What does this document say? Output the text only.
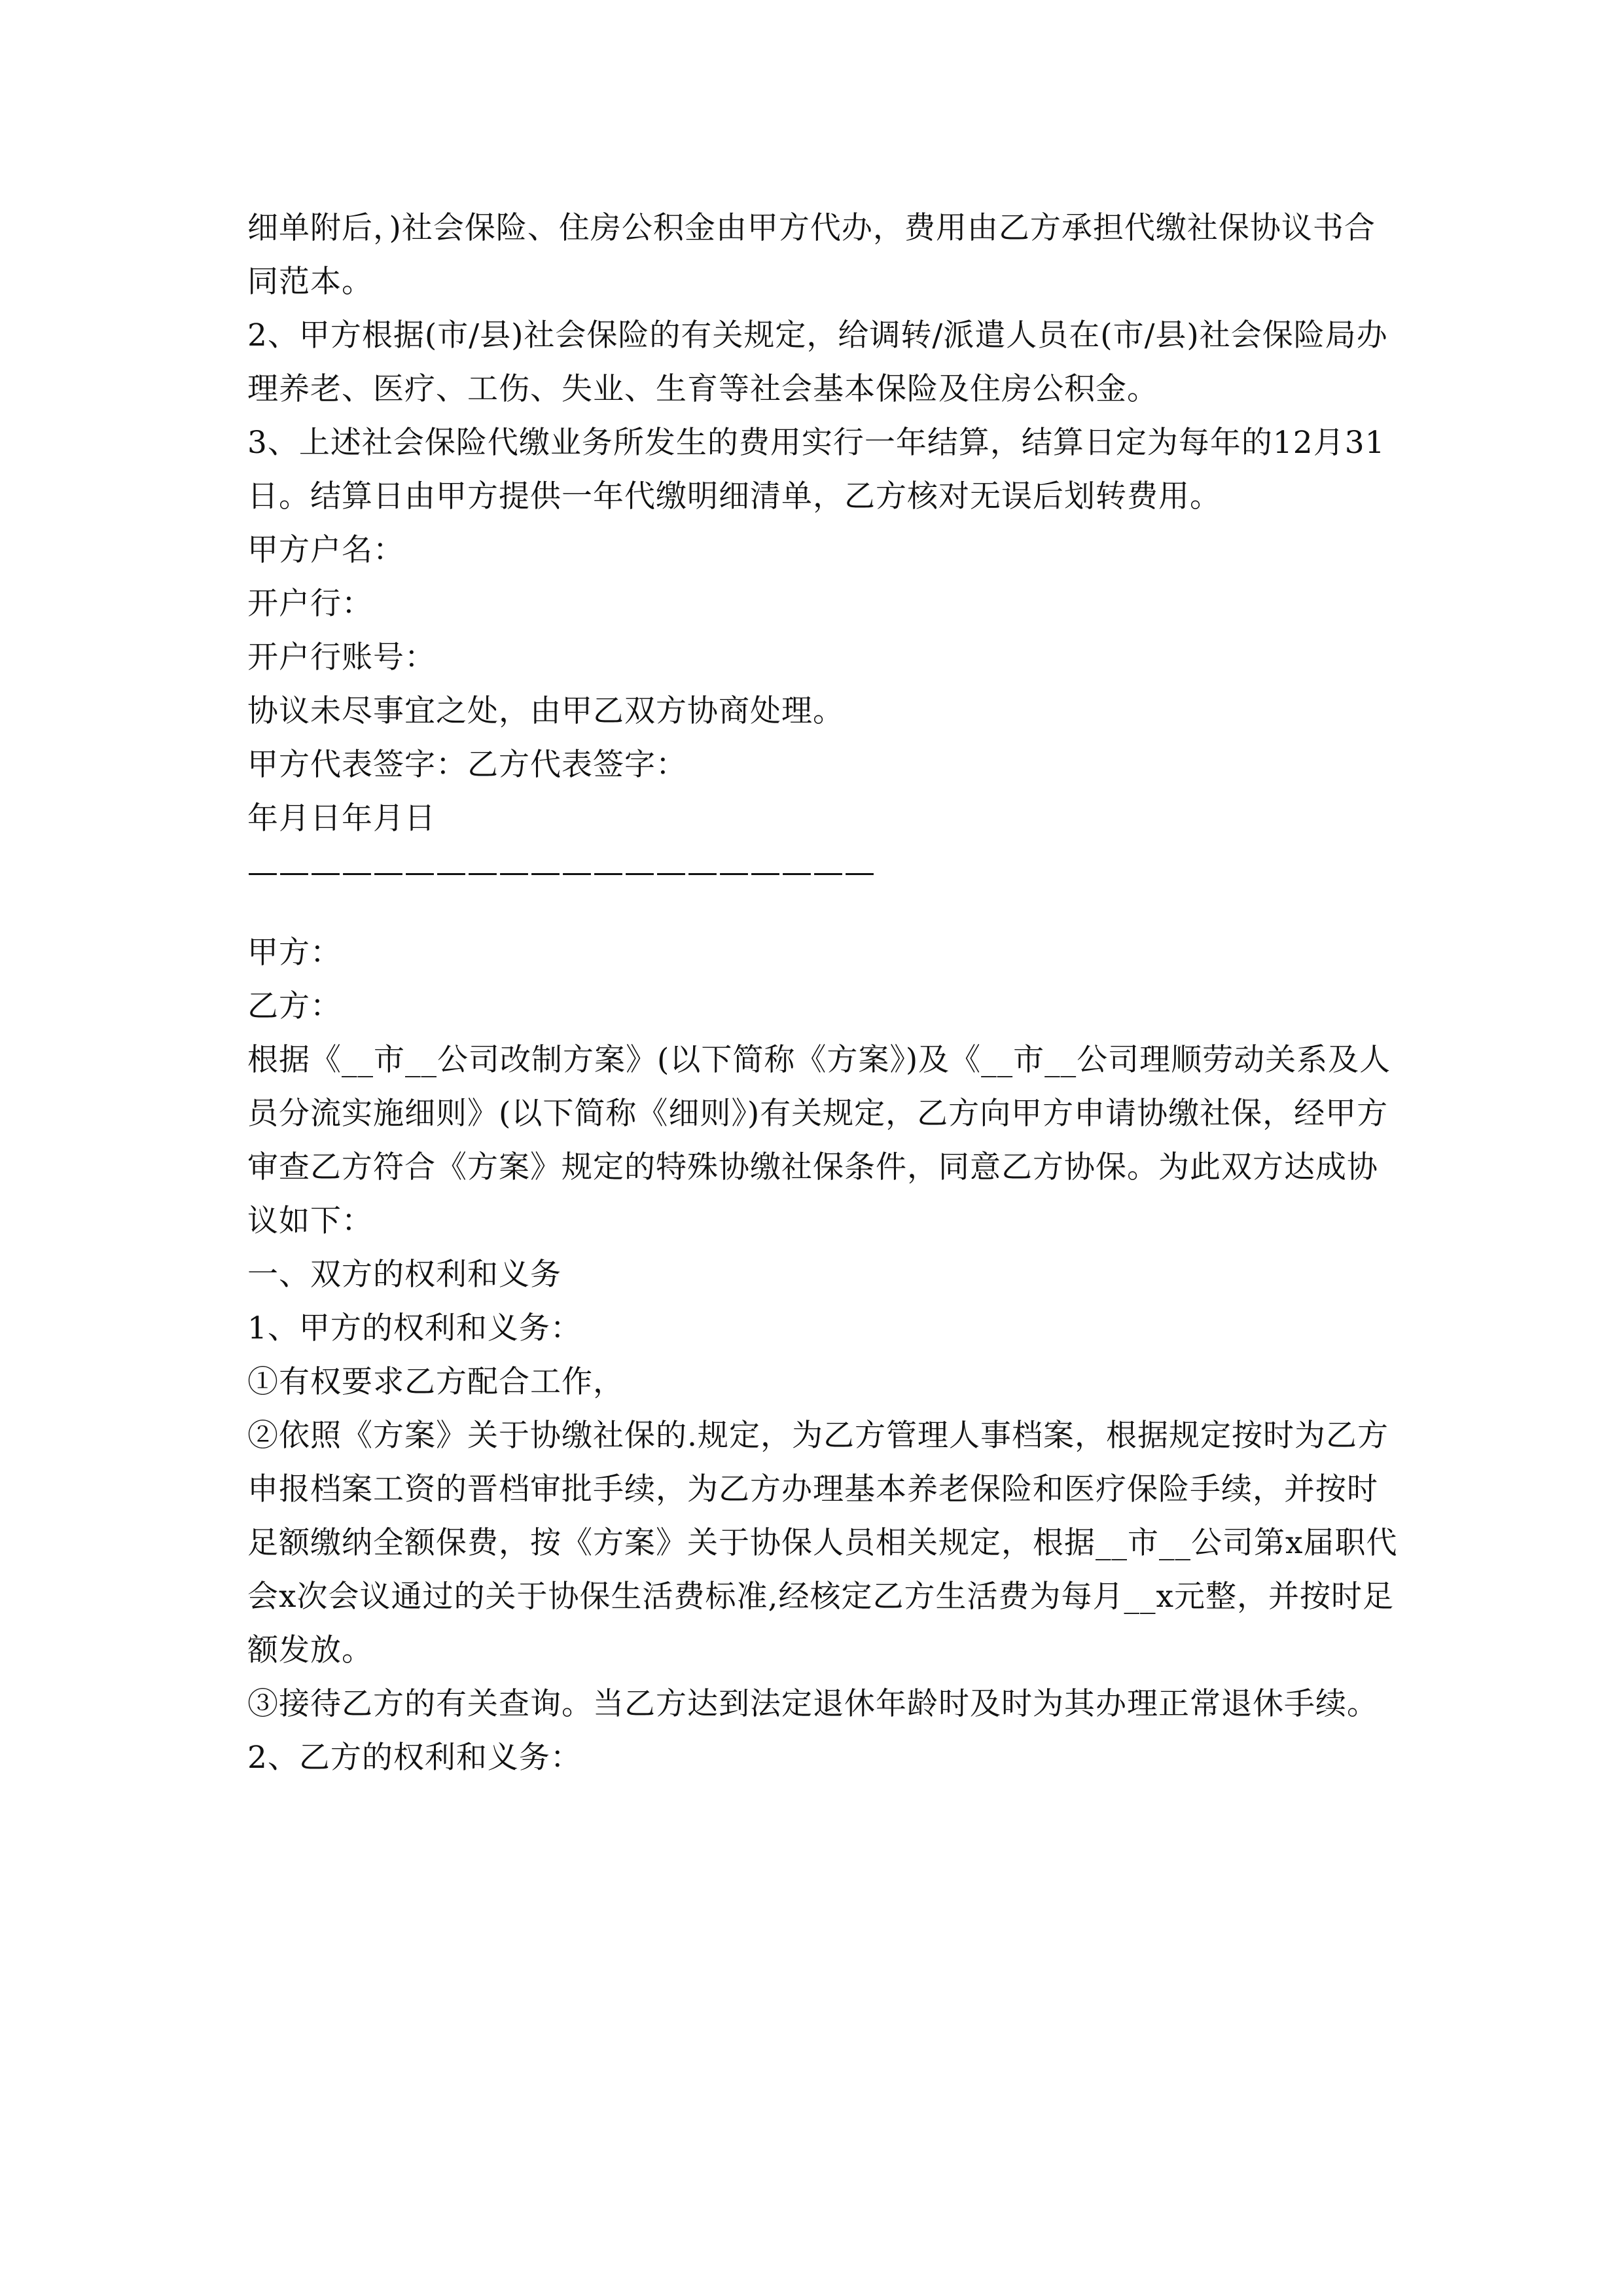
细单附后，)社会保险、住房公积金由甲方代办，费用由乙方承担代缴社保协议书合同范本。

2、甲方根据(市/县)社会保险的有关规定，给调转/派遣人员在(市/县)社会保险局办理养老、医疗、工伤、失业、生育等社会基本保险及住房公积金。

3、上述社会保险代缴业务所发生的费用实行一年结算，结算日定为每年的12月31日。结算日由甲方提供一年代缴明细清单，乙方核对无误后划转费用。

甲方户名：

开户行：

开户行账号：

协议未尽事宜之处，由甲乙双方协商处理。

甲方代表签字：乙方代表签字：

年月日年月日

————————————————————

甲方：

乙方：

根据《__市__公司改制方案》(以下简称《方案》)及《__市__公司理顺劳动关系及人员分流实施细则》(以下简称《细则》)有关规定，乙方向甲方申请协缴社保，经甲方审查乙方符合《方案》规定的特殊协缴社保条件，同意乙方协保。为此双方达成协议如下：

一、双方的权利和义务

1、甲方的权利和义务：

①有权要求乙方配合工作，

②依照《方案》关于协缴社保的.规定，为乙方管理人事档案，根据规定按时为乙方申报档案工资的晋档审批手续，为乙方办理基本养老保险和医疗保险手续，并按时足额缴纳全额保费，按《方案》关于协保人员相关规定，根据__市__公司第x届职代会x次会议通过的关于协保生活费标准,经核定乙方生活费为每月__x元整，并按时足额发放。

③接待乙方的有关查询。当乙方达到法定退休年龄时及时为其办理正常退休手续。

2、乙方的权利和义务：
